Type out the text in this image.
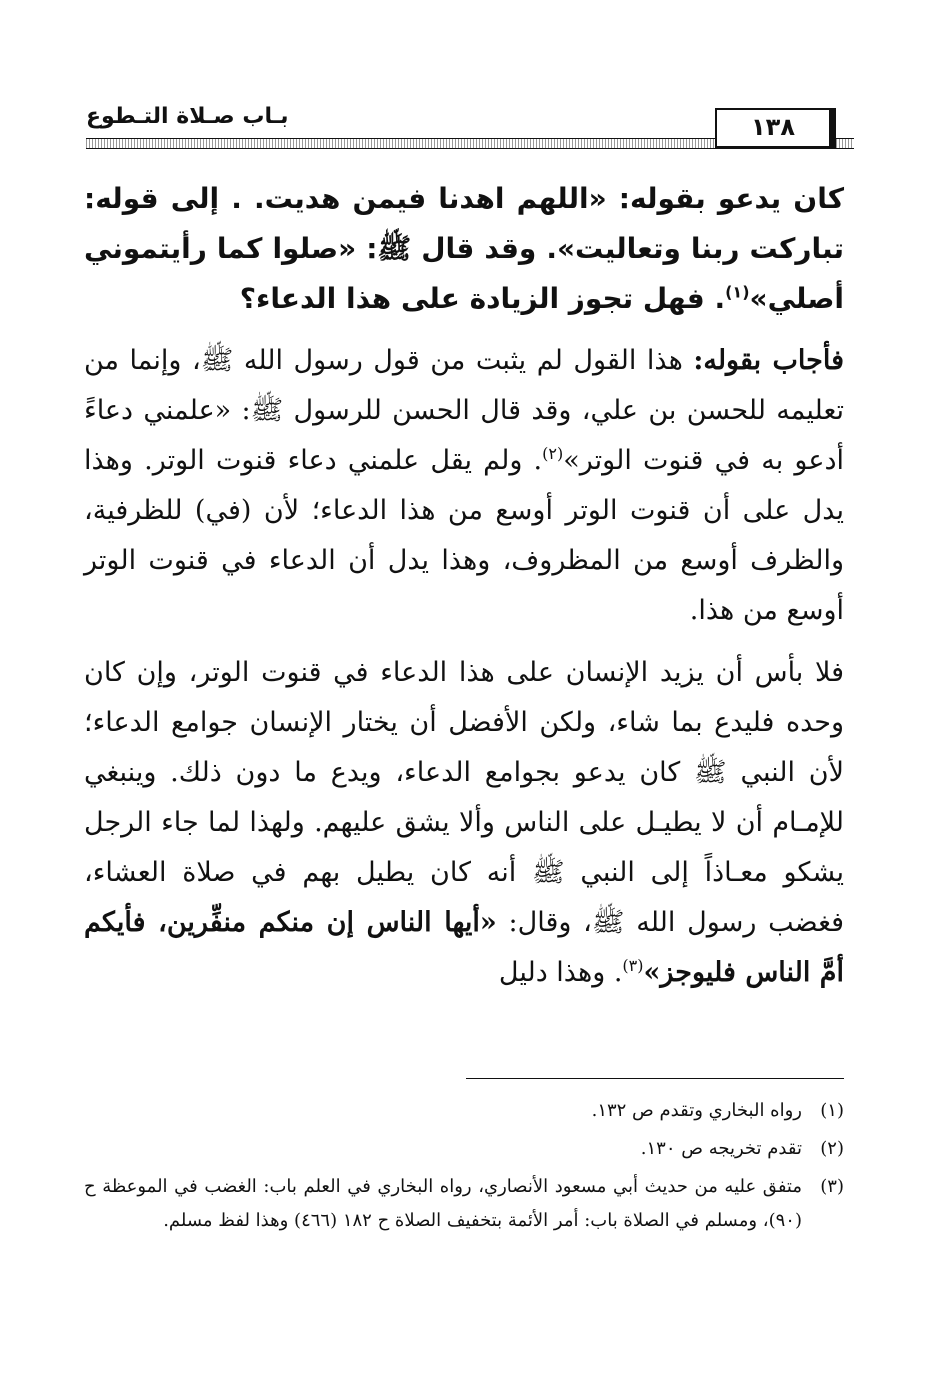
بـاب صـلاة التـطوع	١٣٨

كان يدعو بقوله: «اللهم اهدنا فيمن هديت. . إلى قوله: تباركت ربنا وتعاليت». وقد قال ﷺ: «صلوا كما رأيتموني أصلي»$^{(١)}$. فهل تجوز الزيادة على هذا الدعاء؟

فأجاب بقوله: هذا القول لم يثبت من قول رسول الله ﷺ، وإنما من تعليمه للحسن بن علي، وقد قال الحسن للرسول ﷺ: «علمني دعاءً أدعو به في قنوت الوتر»$^{(٢)}$. ولم يقل علمني دعاء قنوت الوتر. وهذا يدل على أن قنوت الوتر أوسع من هذا الدعاء؛ لأن (في) للظرفية، والظرف أوسع من المظروف، وهذا يدل أن الدعاء في قنوت الوتر أوسع من هذا.

فلا بأس أن يزيد الإنسان على هذا الدعاء في قنوت الوتر، وإن كان وحده فليدع بما شاء، ولكن الأفضل أن يختار الإنسان جوامع الدعاء؛ لأن النبي ﷺ كان يدعو بجوامع الدعاء، ويدع ما دون ذلك. وينبغي للإمـام أن لا يطيـل على الناس وألا يشق عليهم. ولهذا لما جاء الرجل يشكو معـاذاً إلى النبي ﷺ أنه كان يطيل بهم في صلاة العشاء، فغضب رسول الله ﷺ، وقال: «أيها الناس إن منكم منفِّرين، فأيكم أمَّ الناس فليوجز»$^{(٣)}$. وهذا دليل

(١)
رواه البخاري وتقدم ص ١٣٢.
(٢)
تقدم تخريجه ص ١٣٠.
(٣)
متفق عليه من حديث أبي مسعود الأنصاري، رواه البخاري في العلم باب: الغضب في الموعظة ح (٩٠)، ومسلم في الصلاة باب: أمر الأئمة بتخفيف الصلاة ح ١٨٢ (٤٦٦) وهذا لفظ مسلم.
